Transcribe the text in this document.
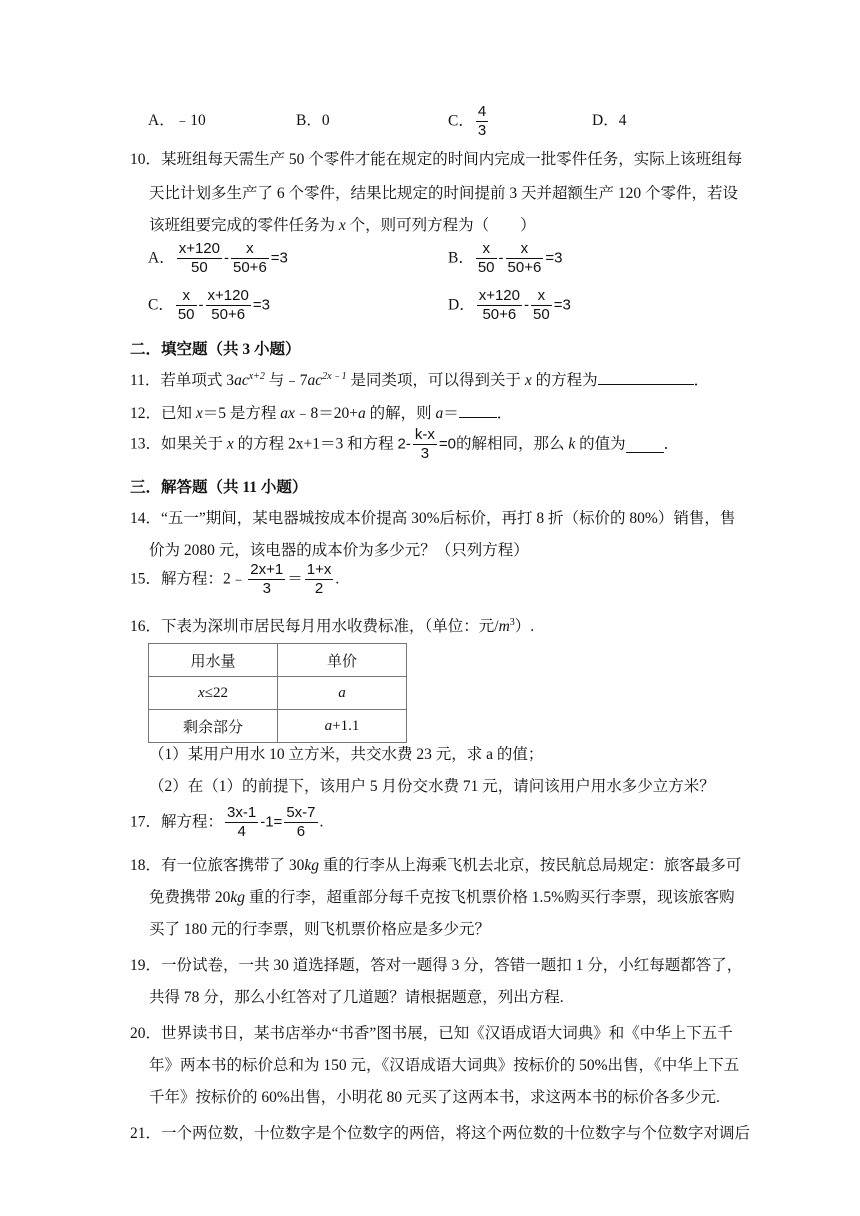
A．﹣10	B．0	C． $\frac{4}{3}$	D．4
10．某班组每天需生产 50 个零件才能在规定的时间内完成一批零件任务，实际上该班组每
天比计划多生产了 6 个零件，结果比规定的时间提前 3 天并超额生产 120 个零件，若设
该班组要完成的零件任务为 x 个，则可列方程为（　　）
A． $\frac{x+120}{50} - \frac{x}{50+6} =3$	B． $\frac{x}{50} - \frac{x}{50+6} =3$
C． $\frac{x}{50} - \frac{x+120}{50+6} =3$	D． $\frac{x+120}{50+6} - \frac{x}{50} =3$
二．填空题（共 3 小题）
11．若单项式 $3ac^{x+2}$ 与$﹣7ac^{2x﹣1}$ 是同类项，可以得到关于 x 的方程为	．
12．已知 x＝5 是方程 ax﹣8＝20+a 的解，则 a＝ ．
13．如果关于 x 的方程 2x+1＝3 和方程 $2- \frac{k-x}{3} =0$的解相同，那么 k 的值为 ．
三．解答题（共 11 小题）
14．“五一”期间，某电器城按成本价提高 30%后标价，再打 8 折（标价的 80%）销售，售
价为 2080 元，该电器的成本价为多少元？（只列方程）
15．解方程：2﹣ $\frac{2x+1}{3} = \frac{1+x}{2}$ .
16．下表为深圳市居民每月用水收费标准，（单位：元$/m^3$）.
用水量	单价
x≤22	a
剩余部分	a+1.1
（1）某用户用水 10 立方米，共交水费 23 元，求 a 的值；
（2）在（1）的前提下，该用户 5 月份交水费 71 元，请问该用户用水多少立方米？
17．解方程： $\frac{3x-1}{4} -1= \frac{5x-7}{6}$ .
18．有一位旅客携带了 30kg 重的行李从上海乘飞机去北京，按民航总局规定：旅客最多可
免费携带 20kg 重的行李，超重部分每千克按飞机票价格 1.5%购买行李票，现该旅客购
买了 180 元的行李票，则飞机票价格应是多少元？
19．一份试卷，一共 30 道选择题，答对一题得 3 分，答错一题扣 1 分，小红每题都答了，
共得 78 分，那么小红答对了几道题？请根据题意，列出方程.
20．世界读书日，某书店举办“书香”图书展，已知《汉语成语大词典》和《中华上下五千
年》两本书的标价总和为 150 元，《汉语成语大词典》按标价的 50%出售，《中华上下五
千年》按标价的 60%出售，小明花 80 元买了这两本书，求这两本书的标价各多少元.
21．一个两位数，十位数字是个位数字的两倍，将这个两位数的十位数字与个位数字对调后
